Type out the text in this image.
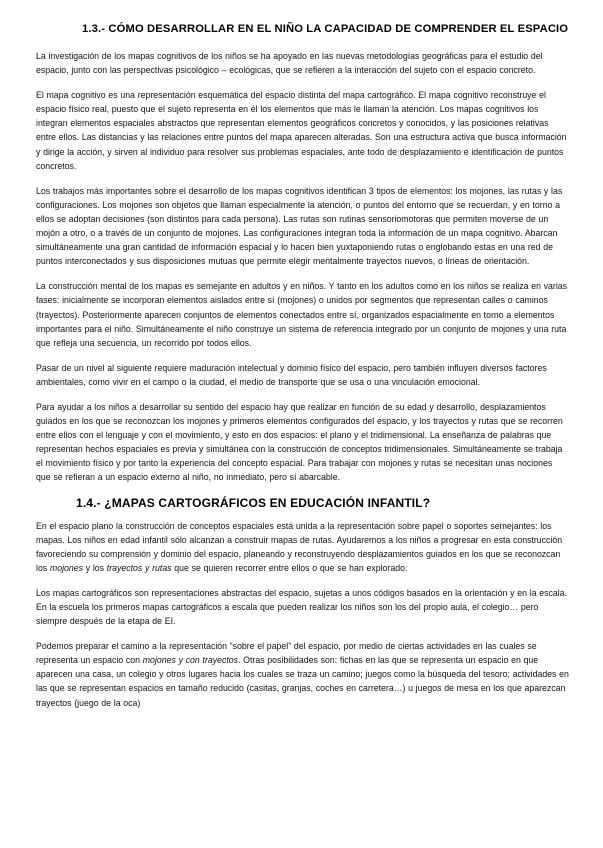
1.3.- CÓMO DESARROLLAR EN EL NIÑO LA CAPACIDAD DE COMPRENDER EL ESPACIO

La investigación de los mapas cognitivos de los niños se ha apoyado en las nuevas metodologías geográficas para el estudio del espacio, junto con las perspectivas psicológico – ecológicas, que se refieren a la interacción del sujeto con el espacio concreto.

El mapa cognitivo es una representación esquemática del espacio distinta del mapa cartográfico. El mapa cognitivo reconstruye el espacio físico real, puesto que el sujeto representa en él los elementos que más le llaman la atención. Los mapas cognitivos los integran elementos espaciales abstractos que representan elementos geográficos concretos y conocidos, y las posiciones relativas entre ellos. Las distancias y las relaciones entre puntos del mapa aparecen alteradas. Son una estructura activa que busca información y dirige la acción, y sirven al individuo para resolver sus problemas espaciales, ante todo de desplazamiento e identificación de puntos concretos.

Los trabajos más importantes sobre el desarrollo de los mapas cognitivos identifican 3 tipos de elementos: los mojones, las rutas y las configuraciones. Los mojones son objetos que llaman especialmente la atención, o puntos del entorno que se recuerdan, y en torno a ellos se adoptan decisiones (son distintos para cada persona). Las rutas son rutinas sensoriomotoras que permiten moverse de un mojón a otro, o a través de un conjunto de mojones. Las configuraciones integran toda la información de un mapa cognitivo. Abarcan simultáneamente una gran cantidad de información espacial y lo hacen bien yuxtaponiendo rutas o englobando estas en una red de puntos interconectados y sus disposiciones mutuas que permite elegir mentalmente trayectos nuevos, o líneas de orientación.

La construcción mental de los mapas es semejante en adultos y en niños. Y tanto en los adultos como en los niños se realiza en varias fases: inicialmente se incorporan elementos aislados entre sí (mojones) o unidos por segmentos que representan calles o caminos (trayectos). Posteriormente aparecen conjuntos de elementos conectados entre sí, organizados espacialmente en torno a elementos importantes para el niño. Simultáneamente el niño construye un sistema de referencia integrado por un conjunto de mojones y una ruta que refleja una secuencia, un recorrido por todos ellos.

Pasar de un nivel al siguiente requiere maduración intelectual y dominio físico del espacio, pero también influyen diversos factores ambientales, como vivir en el campo o la ciudad, el medio de transporte que se usa o una vinculación emocional.

Para ayudar a los niños a desarrollar su sentido del espacio hay que realizar en función de su edad y desarrollo, desplazamientos guiados en los que se reconozcan los mojones y primeros elementos configurados del espacio, y los trayectos y rutas que se recorren entre ellos con el lenguaje y con el movimiento, y esto en dos espacios: el plano y el tridimensional. La enseñanza de palabras que representan hechos espaciales es previa y simultánea con la construcción de conceptos tridimensionales. Simultáneamente se trabaja el movimiento físico y por tanto la experiencia del concepto espacial. Para trabajar con mojones y rutas se necesitan unas nociones que se refieran a un espacio externo al niño, no inmediato, pero sí abarcable.

1.4.- ¿MAPAS CARTOGRÁFICOS EN EDUCACIÓN INFANTIL?

En el espacio plano la construcción de conceptos espaciales está unida a la representación sobre papel o soportes semejantes: los mapas. Los niños en edad infantil sólo alcanzan a construir mapas de rutas. Ayudaremos a los niños a progresar en esta construcción favoreciendo su comprensión y dominio del espacio, planeando y reconstruyendo desplazamientos guiados en los que se reconozcan los mojones y los trayectos y rutas que se quieren recorrer entre ellos o que se han explorado.

Los mapas cartográficos son representaciones abstractas del espacio, sujetas a unos códigos basados en la orientación y en la escala. En la escuela los primeros mapas cartográficos a escala que pueden realizar los niños son los del propio aula, el colegio… pero siempre después de la etapa de EI.

Podemos preparar el camino a la representación “sobre el papel” del espacio, por medio de ciertas actividades en las cuales se representa un espacio con mojones y con trayectos. Otras posibilidades son: fichas en las que se representa un espacio en que aparecen una casa, un colegio y otros lugares hacia los cuales se traza un camino; juegos como la búsqueda del tesoro; actividades en las que se representan espacios en tamaño reducido (casitas, granjas, coches en carretera…) u juegos de mesa en los que aparezcan trayectos (juego de la oca)
